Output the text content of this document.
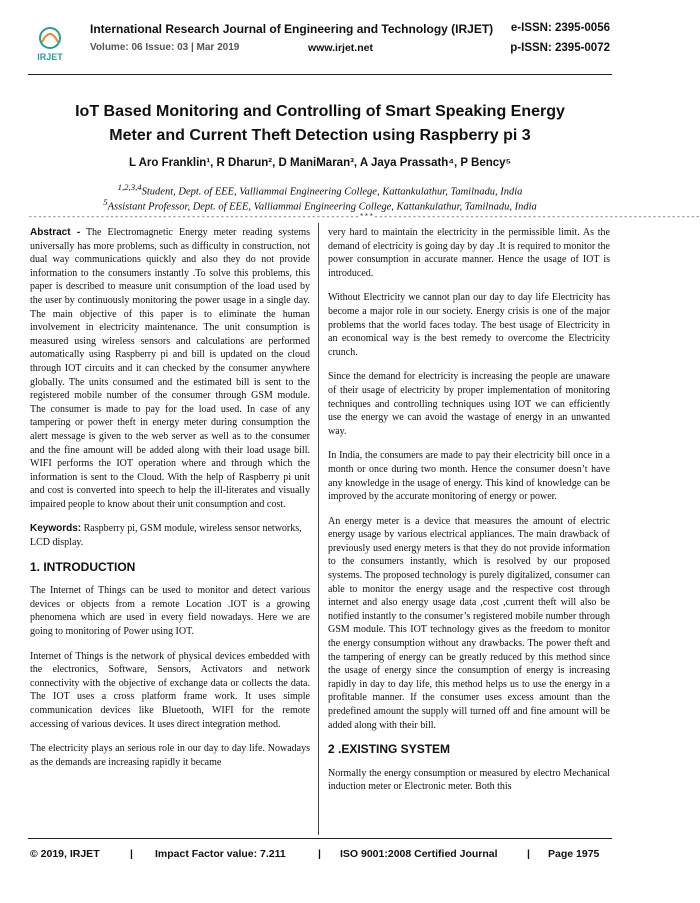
IRJET
International Research Journal of Engineering and Technology (IRJET) e-ISSN: 2395-0056
Volume: 06 Issue: 03 | Mar 2019	www.irjet.net	p-ISSN: 2395-0072
IoT Based Monitoring and Controlling of Smart Speaking Energy
Meter and Current Theft Detection using Raspberry pi 3
L Aro Franklin¹, R Dharun², D ManiMaran³, A Jaya Prassath⁴, P Bency⁵
$^{1,2,3,4}$Student, Dept. of EEE, Valliammai Engineering College, Kattankulathur, Tamilnadu, India
$^5$Assistant Professor, Dept. of EEE, Valliammai Engineering College, Kattankulathur, Tamilnadu, India
---------------------------------------------------------------------***--------------------------------------------------------------------

Abstract - The Electromagnetic Energy meter reading systems universally has more problems, such as difficulty in construction, not dual way communications quickly and also they do not provide information to the consumers instantly .To solve this problems, this paper is described to measure unit consumption of the load used by the user by continuously monitoring the power usage in a single day. The main objective of this paper is to eliminate the human involvement in electricity maintenance. The unit consumption is measured using wireless sensors and calculations are performed automatically using Raspberry pi and bill is updated on the cloud through IOT circuits and it can checked by the consumer anywhere globally. The units consumed and the estimated bill is sent to the registered mobile number of the consumer through GSM module. The consumer is made to pay for the load used. In case of any tampering or power theft in energy meter during consumption the alert message is given to the web server as well as to the consumer and the fine amount will be added along with their load usage bill. WIFI performs the IOT operation where and through which the information is sent to the Cloud. With the help of Raspberry pi unit and cost is converted into speech to help the ill-literates and visually impaired people to know about their unit consumption and cost.

Keywords: Raspberry pi, GSM module, wireless sensor networks, LCD display.

1. INTRODUCTION

The Internet of Things can be used to monitor and detect various devices or objects from a remote Location .IOT is a growing phenomena which are used in every field nowadays. Here we are going to monitoring of Power using IOT.

Internet of Things is the network of physical devices embedded with the electronics, Software, Sensors, Activators and network connectivity with the objective of exchange data or collects the data. The IOT uses a cross platform frame work. It uses simple communication devices like Bluetooth, WIFI for the remote accessing of various devices. It uses direct integration method.

The electricity plays an serious role in our day to day life. Nowadays as the demands are increasing rapidly it became

very hard to maintain the electricity in the permissible limit. As the demand of electricity is going day by day .It is required to monitor the power consumption in accurate manner. Hence the usage of IOT is introduced.

Without Electricity we cannot plan our day to day life Electricity has become a major role in our society. Energy crisis is one of the major problems that the world faces today. The best usage of Electricity in an economical way is the best remedy to overcome the Electricity crunch.

Since the demand for electricity is increasing the people are unaware of their usage of electricity by proper implementation of monitoring techniques and controlling techniques using IOT we can efficiently use the energy we can avoid the wastage of energy in an unwanted way.

In India, the consumers are made to pay their electricity bill once in a month or once during two month. Hence the consumer doesn’t have any knowledge in the usage of energy. This kind of knowledge can be improved by the accurate monitoring of energy or power.

An energy meter is a device that measures the amount of electric energy usage by various electrical appliances. The main drawback of previously used energy meters is that they do not provide information to the consumers instantly, which is resolved by our proposed systems. The proposed technology is purely digitalized, consumer can able to monitor the energy usage and the respective cost through internet and also energy usage data ,cost ,current theft will also be notified instantly to the consumer’s registered mobile number through GSM module. This IOT technology gives as the freedom to monitor the energy consumption without any drawbacks. The power theft and the tampering of energy can be greatly reduced by this method since the usage of energy since the consumption of energy is increasing rapidly in day to day life, this method helps us to use the energy in a profitable manner. If the consumer uses excess amount than the predefined amount the supply will turned off and fine amount will be added along with their bill.

2 .EXISTING SYSTEM

Normally the energy consumption or measured by electro Mechanical induction meter or Electronic meter. Both this

© 2019, IRJET	| Impact Factor value: 7.211	| ISO 9001:2008 Certified Journal	| Page 1975
